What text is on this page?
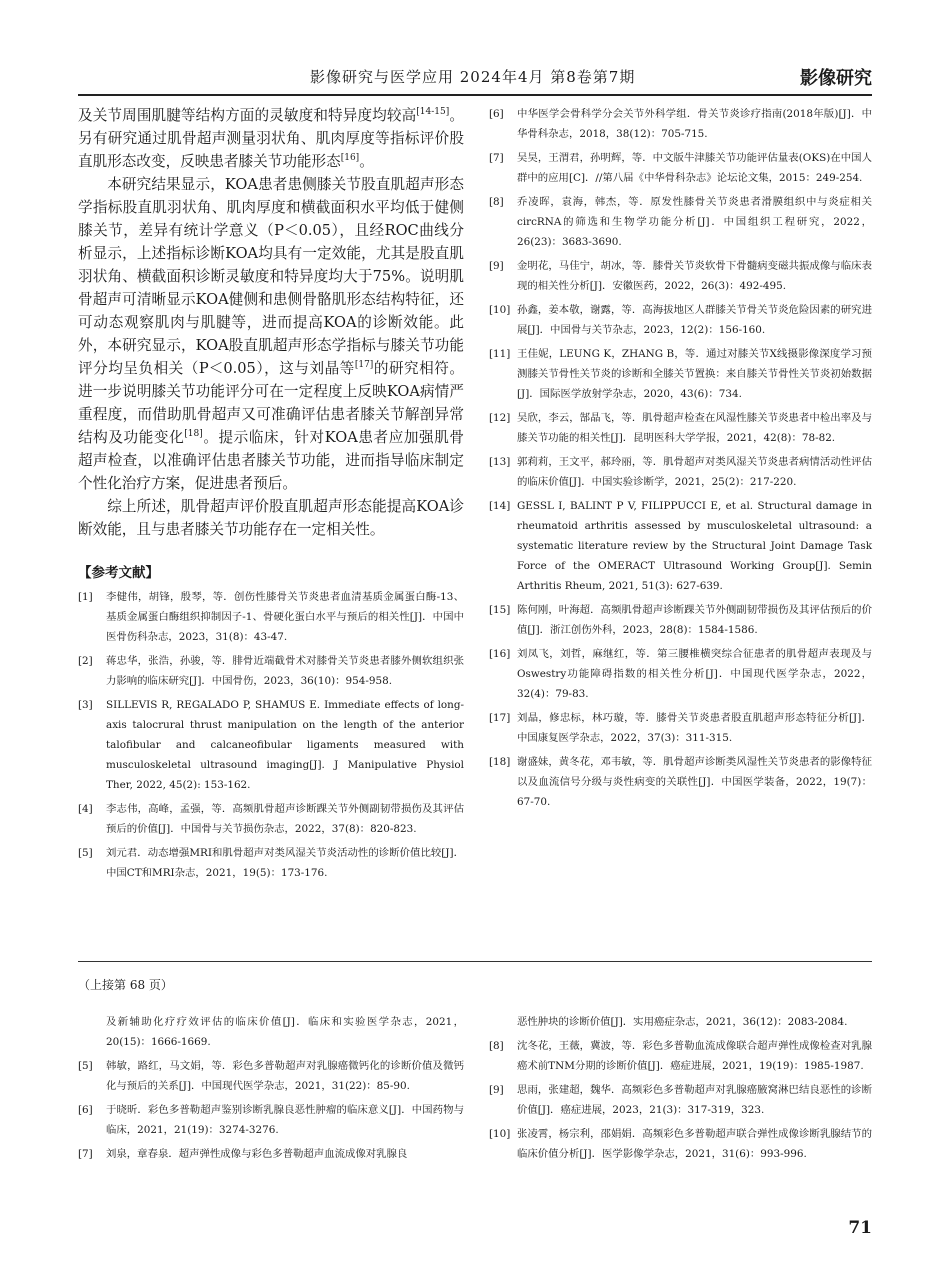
影像研究与医学应用 2024年4月 第8卷第7期	影像研究

及关节周围肌腱等结构方面的灵敏度和特异度均较高[14-15]。另有研究通过肌骨超声测量羽状角、肌肉厚度等指标评价股直肌形态改变，反映患者膝关节功能形态[16]。

本研究结果显示，KOA患者患侧膝关节股直肌超声形态学指标股直肌羽状角、肌肉厚度和横截面积水平均低于健侧膝关节，差异有统计学意义（P＜0.05），且经ROC曲线分析显示，上述指标诊断KOA均具有一定效能，尤其是股直肌羽状角、横截面积诊断灵敏度和特异度均大于75%。说明肌骨超声可清晰显示KOA健侧和患侧骨骼肌形态结构特征，还可动态观察肌肉与肌腱等，进而提高KOA的诊断效能。此外，本研究显示，KOA股直肌超声形态学指标与膝关节功能评分均呈负相关（P＜0.05），这与刘晶等[17]的研究相符。进一步说明膝关节功能评分可在一定程度上反映KOA病情严重程度，而借助肌骨超声又可准确评估患者膝关节解剖异常结构及功能变化[18]。提示临床，针对KOA患者应加强肌骨超声检查，以准确评估患者膝关节功能，进而指导临床制定个性化治疗方案，促进患者预后。

综上所述，肌骨超声评价股直肌超声形态能提高KOA诊断效能，且与患者膝关节功能存在一定相关性。

【参考文献】
[1]	李健伟，胡锋，殷琴，等．创伤性膝骨关节炎患者血清基质金属蛋白酶-13、基质金属蛋白酶组织抑制因子-1、骨硬化蛋白水平与预后的相关性[J]．中国中医骨伤科杂志，2023，31(8)：43-47.
[2]	蒋忠华，张浩，孙骏，等．腓骨近端截骨术对膝骨关节炎患者膝外侧软组织张力影响的临床研究[J]．中国骨伤，2023，36(10)：954-958.
[3]	SILLEVIS R, REGALADO P, SHAMUS E. Immediate effects of long-axis talocrural thrust manipulation on the length of the anterior talofibular and calcaneofibular ligaments measured with musculoskeletal ultrasound imaging[J]. J Manipulative Physiol Ther, 2022, 45(2): 153-162.
[4]	李志伟，高峰，孟强，等．高频肌骨超声诊断踝关节外侧副韧带损伤及其评估预后的价值[J]．中国骨与关节损伤杂志，2022，37(8)：820-823.
[5]	刘元君．动态增强MRI和肌骨超声对类风湿关节炎活动性的诊断价值比较[J]．中国CT和MRI杂志，2021，19(5)：173-176.
[6]	中华医学会骨科学分会关节外科学组．骨关节炎诊疗指南(2018年版)[J]．中华骨科杂志，2018，38(12)：705-715.
[7]	吴昊，王渭君，孙明辉，等．中文版牛津膝关节功能评估量表(OKS)在中国人群中的应用[C]．//第八届《中华骨科杂志》论坛论文集，2015：249-254.
[8]	乔凌晖，袁海，韩杰，等．原发性膝骨关节炎患者滑膜组织中与炎症相关circRNA的筛选和生物学功能分析[J]．中国组织工程研究，2022，26(23)：3683-3690.
[9]	金明花，马佳宁，胡冰，等．膝骨关节炎软骨下骨髓病变磁共振成像与临床表现的相关性分析[J]．安徽医药，2022，26(3)：492-495.
[10] 孙鑫，姜本敬，谢露，等．高海拔地区人群膝关节骨关节炎危险因素的研究进展[J]．中国骨与关节杂志，2023，12(2)：156-160.
[11] 王佳妮，LEUNG K，ZHANG B，等．通过对膝关节X线摄影像深度学习预测膝关节骨性关节炎的诊断和全膝关节置换：来自膝关节骨性关节炎初始数据[J]．国际医学放射学杂志，2020，43(6)：734.
[12] 吴欣，李云，郜晶飞，等．肌骨超声检查在风湿性膝关节炎患者中检出率及与膝关节功能的相关性[J]．昆明医科大学学报，2021，42(8)：78-82.
[13] 郭莉莉，王文平，郝玲丽，等．肌骨超声对类风湿关节炎患者病情活动性评估的临床价值[J]．中国实验诊断学，2021，25(2)：217-220.
[14] GESSL I, BALINT P V, FILIPPUCCI E, et al. Structural damage in rheumatoid arthritis assessed by musculoskeletal ultrasound: a systematic literature review by the Structural Joint Damage Task Force of the OMERACT Ultrasound Working Group[J]. Semin Arthritis Rheum, 2021, 51(3): 627-639.
[15] 陈何刚，叶海超．高频肌骨超声诊断踝关节外侧副韧带损伤及其评估预后的价值[J]．浙江创伤外科，2023，28(8)：1584-1586.
[16] 刘凤飞，刘哲，麻继红，等．第三腰椎横突综合征患者的肌骨超声表现及与Oswestry功能障碍指数的相关性分析[J]．中国现代医学杂志，2022，32(4)：79-83.
[17] 刘晶，修忠标，林巧璇，等．膝骨关节炎患者股直肌超声形态特征分析[J]．中国康复医学杂志，2022，37(3)：311-315.
[18] 谢盛妹，黄冬花，邓韦敏，等．肌骨超声诊断类风湿性关节炎患者的影像特征以及血流信号分级与炎性病变的关联性[J]．中国医学装备，2022，19(7)：67-70.
（上接第 68 页）
及新辅助化疗疗效评估的临床价值[J]．临床和实验医学杂志，2021，20(15)：1666-1669.
[5]	韩敏，路红，马文娟，等．彩色多普勒超声对乳腺癌微钙化的诊断价值及微钙化与预后的关系[J]．中国现代医学杂志，2021，31(22)：85-90.
[6]	于晓昕．彩色多普勒超声鉴别诊断乳腺良恶性肿瘤的临床意义[J]．中国药物与临床，2021，21(19)：3274-3276.
[7]	刘泉，章春泉．超声弹性成像与彩色多普勒超声血流成像对乳腺良
恶性肿块的诊断价值[J]．实用癌症杂志，2021，36(12)：2083-2084.
[8]	沈冬花，王薇，冀波，等．彩色多普勒血流成像联合超声弹性成像检查对乳腺癌术前TNM分期的诊断价值[J]．癌症进展，2021，19(19)：1985-1987.
[9]	思雨，张建超，魏华．高频彩色多普勒超声对乳腺癌腋窝淋巴结良恶性的诊断价值[J]．癌症进展，2023，21(3)：317-319，323.
[10] 张凌霄，杨宗利，邵娟娟．高频彩色多普勒超声联合弹性成像诊断乳腺结节的临床价值分析[J]．医学影像学杂志，2021，31(6)：993-996.
71
